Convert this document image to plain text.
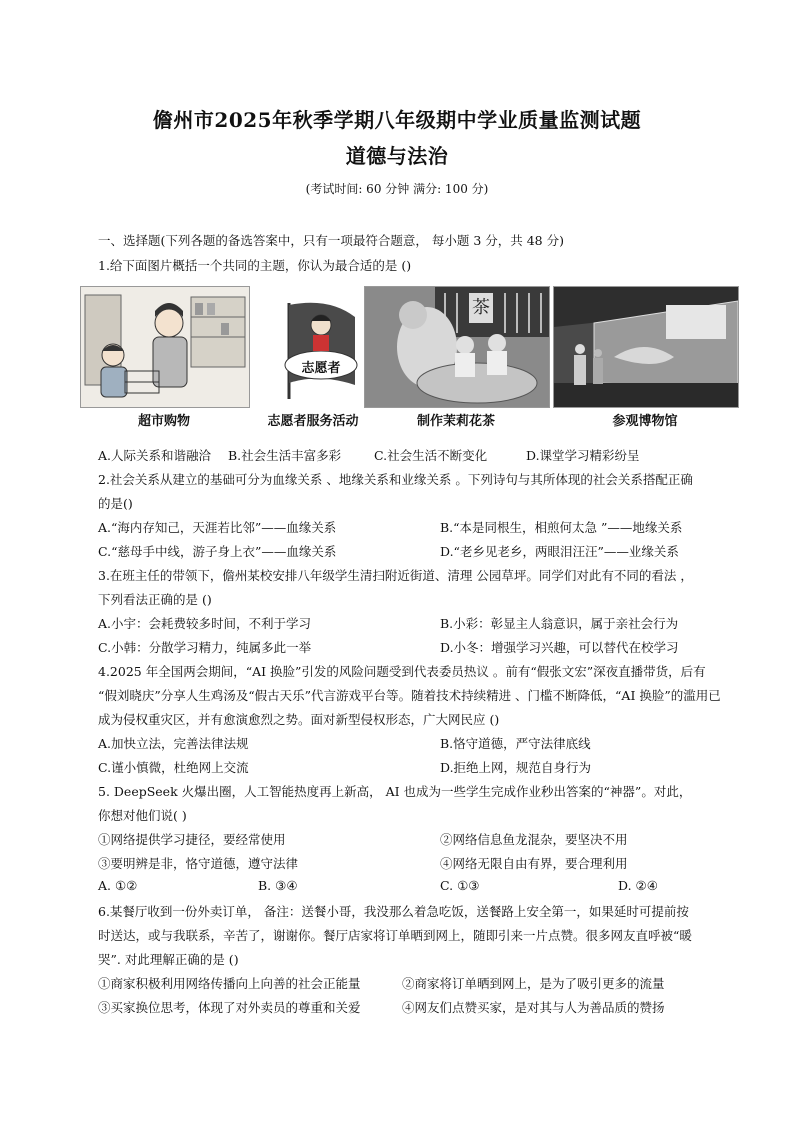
儋州市2025年秋季学期八年级期中学业质量监测试题
道德与法治
(考试时间: 60 分钟 满分: 100 分)
一、选择题(下列各题的备选答案中，只有一项最符合题意， 每小题 3 分，共 48 分)
1.给下面图片概括一个共同的主题，你认为最合适的是 ()
超市购物
志愿者
志愿者服务活动
茶
制作茉莉花茶	参观博物馆
A.人际关系和谐融洽	B.社会生活丰富多彩	C.社会生活不断变化	D.课堂学习精彩纷呈
2.社会关系从建立的基础可分为血缘关系 、地缘关系和业缘关系 。下列诗句与其所体现的社会关系搭配正确
的是()
A.“海内存知己，天涯若比邻”——血缘关系	B.“本是同根生，相煎何太急 ”——地缘关系
C.“慈母手中线，游子身上衣”——血缘关系	D.“老乡见老乡，两眼泪汪汪”——业缘关系
3.在班主任的带领下，儋州某校安排八年级学生清扫附近街道、清理 公园草坪。同学们对此有不同的看法 ，
下列看法正确的是 ()
A.小宇：会耗费较多时间，不利于学习	B.小彩：彰显主人翁意识，属于亲社会行为
C.小韩：分散学习精力，纯属多此一举	D.小冬：增强学习兴趣，可以替代在校学习
4.2025 年全国两会期间，“AI 换脸”引发的风险问题受到代表委员热议 。前有“假张文宏”深夜直播带货，后有
“假刘晓庆”分享人生鸡汤及“假古天乐”代言游戏平台等。随着技术持续精进 、门槛不断降低，“AI 换脸”的滥用已
成为侵权重灾区，并有愈演愈烈之势。面对新型侵权形态，广大网民应 ()
A.加快立法，完善法律法规	B.恪守道德，严守法律底线
C.谨小慎微，杜绝网上交流	D.拒绝上网，规范自身行为
5. DeepSeek 火爆出圈，人工智能热度再上新高， AI 也成为一些学生完成作业秒出答案的“神器”。对此，
你想对他们说( )
①网络提供学习捷径，要经常使用	②网络信息鱼龙混杂，要坚决不用
③要明辨是非，恪守道德，遵守法律	④网络无限自由有界，要合理利用
A. ①②	B. ③④	C. ①③	D. ②④
6.某餐厅收到一份外卖订单， 备注：送餐小哥，我没那么着急吃饭，送餐路上安全第一，如果延时可提前按
时送达，或与我联系，辛苦了，谢谢你。餐厅店家将订单晒到网上，随即引来一片点赞。很多网友直呼被“暖
哭”. 对此理解正确的是 ()
①商家积极利用网络传播向上向善的社会正能量	②商家将订单晒到网上，是为了吸引更多的流量
③买家换位思考，体现了对外卖员的尊重和关爱	④网友们点赞买家，是对其与人为善品质的赞扬
